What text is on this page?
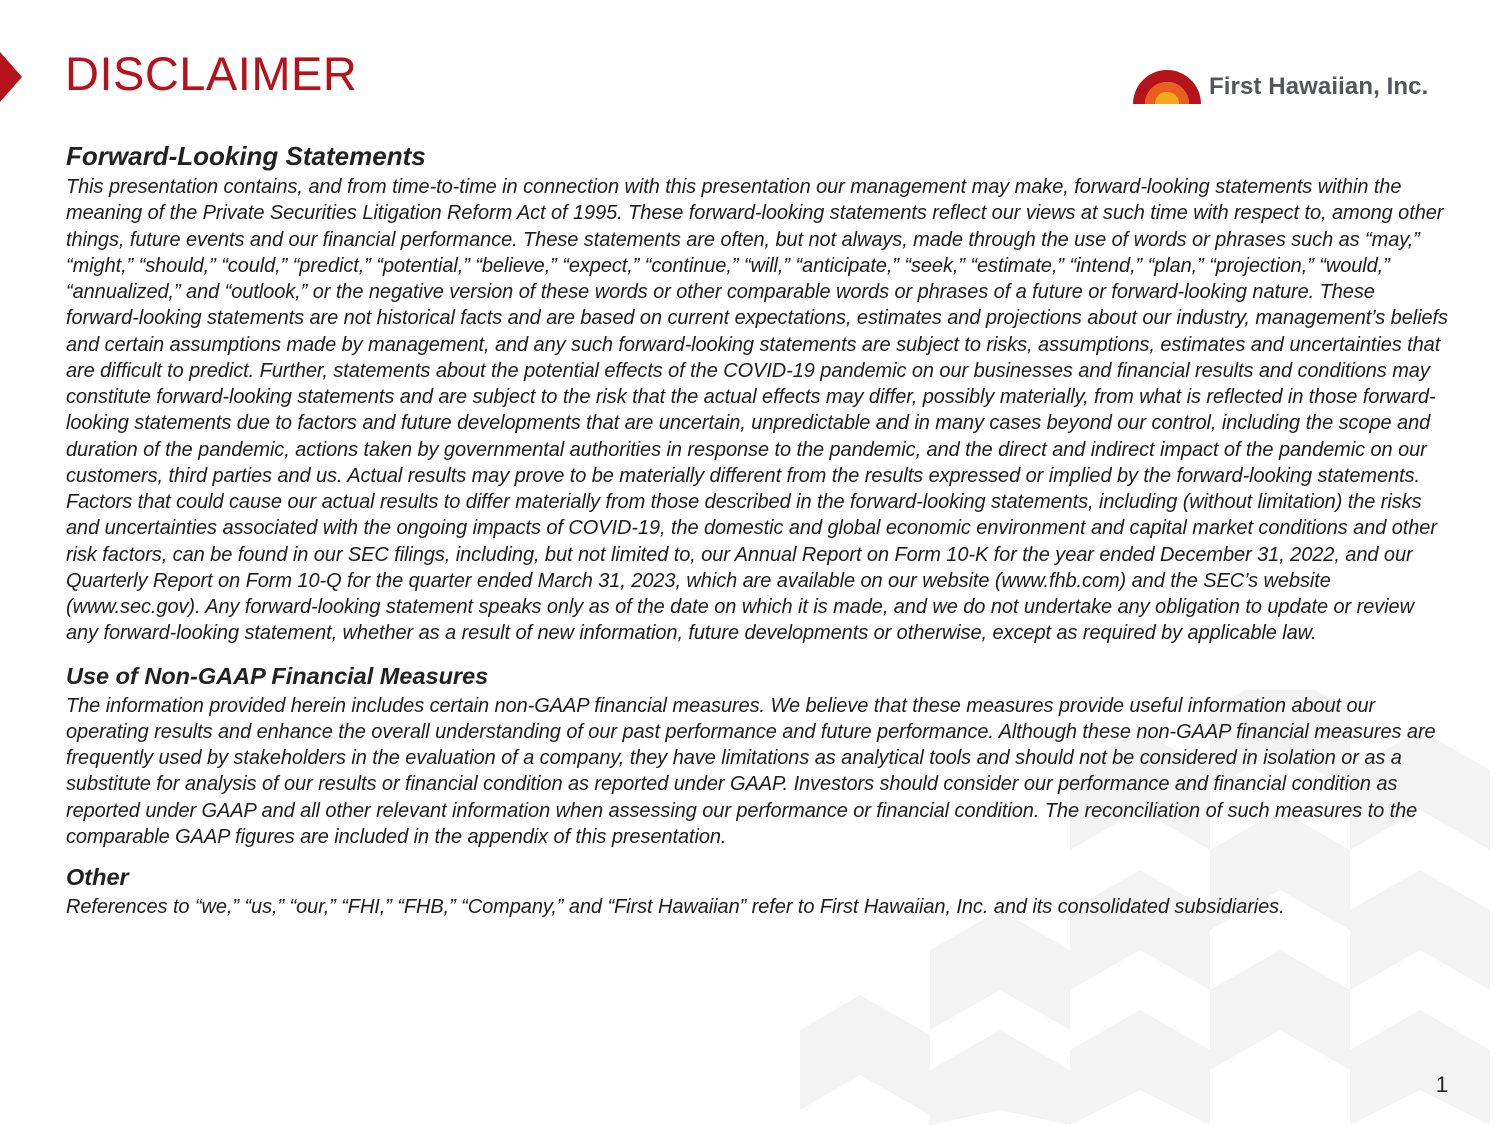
DISCLAIMER	First Hawaiian, Inc.
Forward-Looking Statements

This presentation contains, and from time-to-time in connection with this presentation our management may make, forward-looking statements within the meaning of the Private Securities Litigation Reform Act of 1995. These forward-looking statements reflect our views at such time with respect to, among other things, future events and our financial performance. These statements are often, but not always, made through the use of words or phrases such as “may,” “might,” “should,” “could,” “predict,” “potential,” “believe,” “expect,” “continue,” “will,” “anticipate,” “seek,” “estimate,” “intend,” “plan,” “projection,” “would,” “annualized,” and “outlook,” or the negative version of these words or other comparable words or phrases of a future or forward-looking nature. These forward-looking statements are not historical facts and are based on current expectations, estimates and projections about our industry, management’s beliefs and certain assumptions made by management, and any such forward-looking statements are subject to risks, assumptions, estimates and uncertainties that are difficult to predict. Further, statements about the potential effects of the COVID-19 pandemic on our businesses and financial results and conditions may constitute forward-looking statements and are subject to the risk that the actual effects may differ, possibly materially, from what is reflected in those forward-looking statements due to factors and future developments that are uncertain, unpredictable and in many cases beyond our control, including the scope and duration of the pandemic, actions taken by governmental authorities in response to the pandemic, and the direct and indirect impact of the pandemic on our customers, third parties and us. Actual results may prove to be materially different from the results expressed or implied by the forward-looking statements. Factors that could cause our actual results to differ materially from those described in the forward-looking statements, including (without limitation) the risks and uncertainties associated with the ongoing impacts of COVID-19, the domestic and global economic environment and capital market conditions and other risk factors, can be found in our SEC filings, including, but not limited to, our Annual Report on Form 10-K for the year ended December 31, 2022, and our Quarterly Report on Form 10-Q for the quarter ended March 31, 2023, which are available on our website (www.fhb.com) and the SEC’s website (www.sec.gov). Any forward-looking statement speaks only as of the date on which it is made, and we do not undertake any obligation to update or review any forward-looking statement, whether as a result of new information, future developments or otherwise, except as required by applicable law.

Use of Non-GAAP Financial Measures

The information provided herein includes certain non-GAAP financial measures. We believe that these measures provide useful information about our operating results and enhance the overall understanding of our past performance and future performance. Although these non-GAAP financial measures are frequently used by stakeholders in the evaluation of a company, they have limitations as analytical tools and should not be considered in isolation or as a substitute for analysis of our results or financial condition as reported under GAAP. Investors should consider our performance and financial condition as reported under GAAP and all other relevant information when assessing our performance or financial condition. The reconciliation of such measures to the comparable GAAP figures are included in the appendix of this presentation.

Other

References to “we,” “us,” “our,” “FHI,” “FHB,” “Company,” and “First Hawaiian” refer to First Hawaiian, Inc. and its consolidated subsidiaries.

1
